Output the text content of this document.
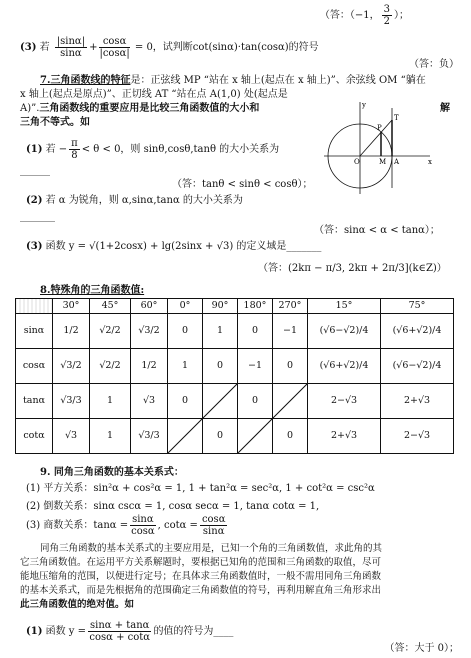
（答：（−1， $\frac{3}{2}$ ）；
(3) 若 $\frac{|\sin\alpha|}{\sin\alpha} + \frac{\cos\alpha}{|\cos\alpha|} = 0$，试判断cot(sinα)·tan(cosα)的符号
（答：负）
7.三角函数线的特征是：正弦线 MP “站在 x 轴上(起点在 x 轴上)”、余弦线 OM “躺在
x 轴上(起点是原点)”、正切线 AT “站在点 A(1,0) 处(起点是
A)”.三角函数线的重要应用是比较三角函数值的大小和	解
三角不等式。如
(1) 若 − $\frac{\pi}{8} < \theta < 0$，则 sinθ,cosθ,tanθ 的大小关系为
______
（答：tanθ < sinθ < cosθ）；
(2) 若 α 为锐角，则 α,sinα,tanα 的大小关系为
_______
（答：sinα < α < tanα）；
(3) 函数 y = √(1+2cosx) + lg(2sinx + √3) 的定义域是_______
（答：(2kπ − π/3, 2kπ + 2π/3](k∈Z)）
y
x
T
P
O	M A
8.特殊角的三角函数值:
	30°	45°	60°	0°	90°	180°	270°	15°	75°
sinα	1/2	√2/2	√3/2	0	1	0	−1	(√6−√2)/4	(√6+√2)/4
cosα	√3/2	√2/2	1/2	1	0	−1	0	(√6+√2)/4	(√6−√2)/4
tanα	√3/3	1	√3	0		0		2−√3	2+√3
cotα	√3	1	√3/3		0		0	2+√3	2−√3
9. 同角三角函数的基本关系式：
(1) 平方关系：sin²α + cos²α = 1, 1 + tan²α = sec²α, 1 + cot²α = csc²α
(2) 倒数关系：sinα cscα = 1, cosα secα = 1, tanα cotα = 1,
(3) 商数关系：$\tan\alpha = \frac{\sin\alpha}{\cos\alpha}$ , $\cot\alpha = \frac{\cos\alpha}{\sin\alpha}$
同角三角函数的基本关系式的主要应用是，已知一个角的三角函数值，求此角的其
它三角函数值。在运用平方关系解题时，要根据已知角的范围和三角函数的取值，尽可
能地压缩角的范围，以便进行定号；在具体求三角函数值时，一般不需用同角三角函数
的基本关系式，而是先根据角的范围确定三角函数值的符号，再利用解直角三角形求出
此三角函数值的绝对值。如
(1) 函数 $y = \frac{\sin\alpha + \tan\alpha}{\cos\alpha + \cot\alpha}$ 的值的符号为____
（答：大于 0）；
